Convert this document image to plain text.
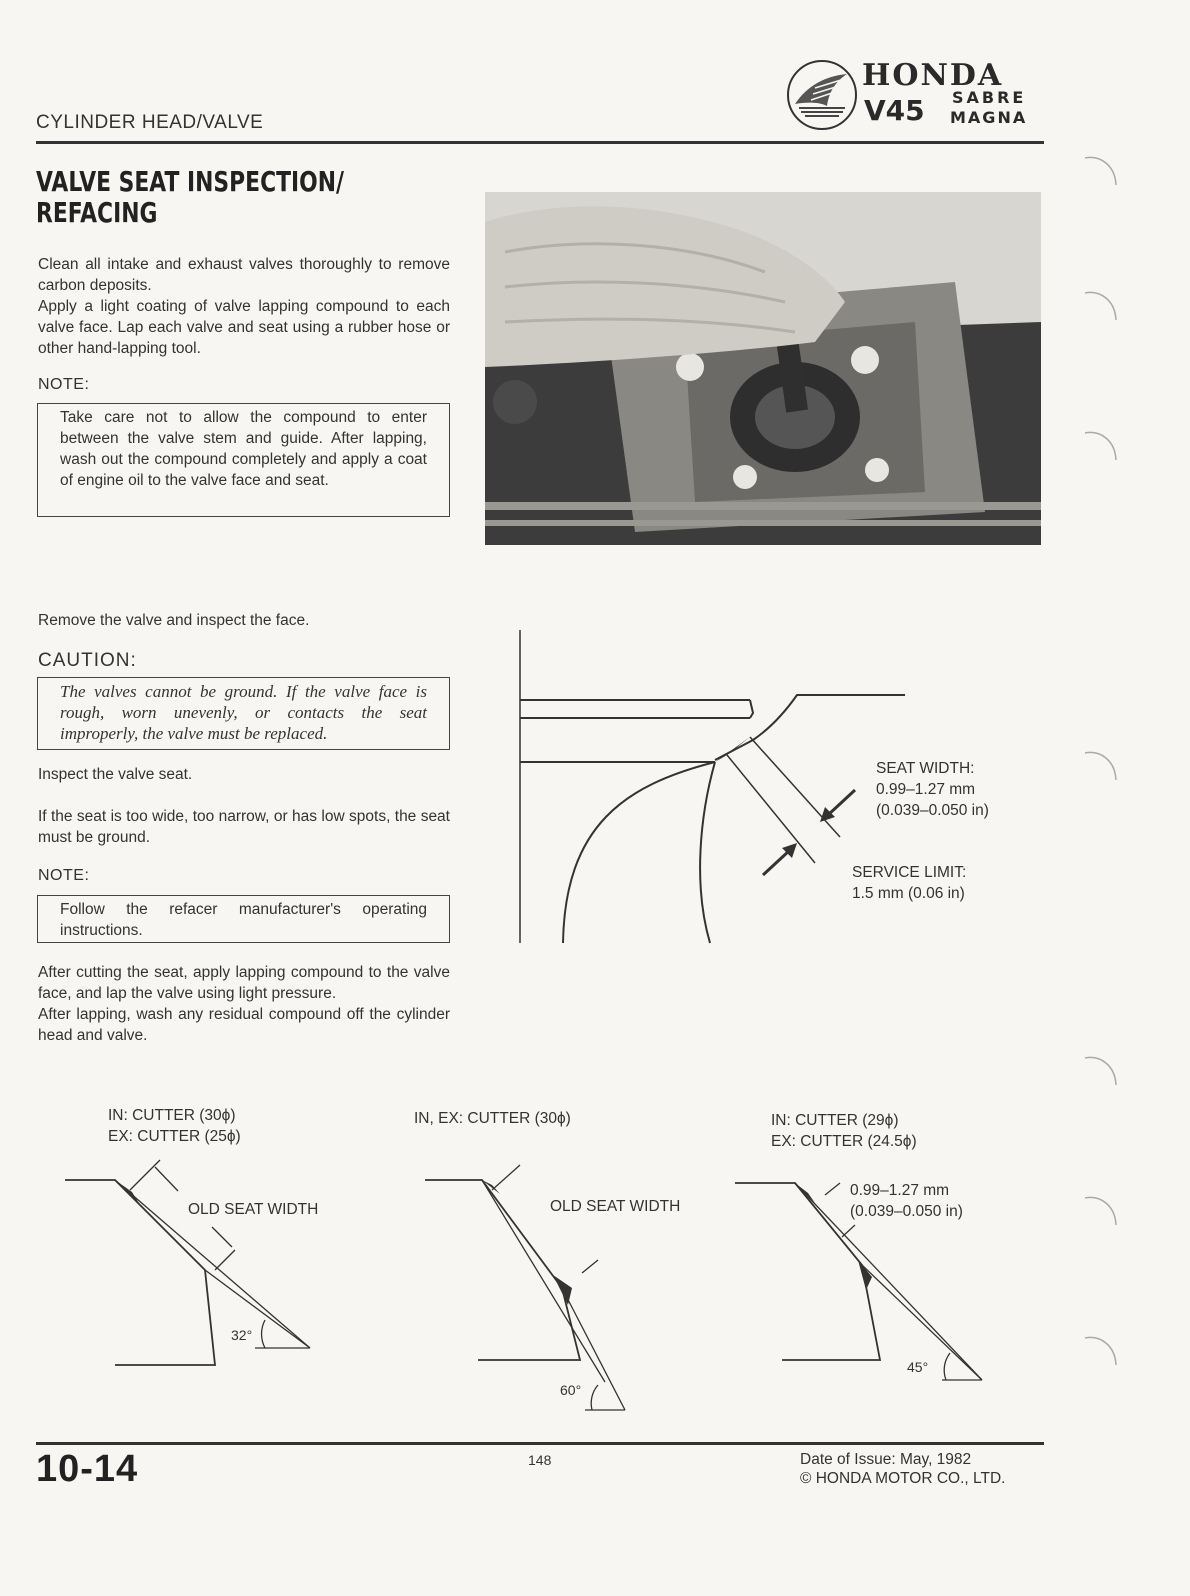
CYLINDER HEAD/VALVE
HONDA
V45 SABRE
MAGNA
VALVE SEAT INSPECTION/
REFACING
Clean all intake and exhaust valves thoroughly to remove carbon deposits.
Apply a light coating of valve lapping compound to each valve face. Lap each valve and seat using a rubber hose or other hand-lapping tool.
NOTE:
Take care not to allow the compound to enter between the valve stem and guide. After lapping, wash out the compound completely and apply a coat of engine oil to the valve face and seat.
Remove the valve and inspect the face.
CAUTION:
The valves cannot be ground. If the valve face is rough, worn unevenly, or contacts the seat improperly, the valve must be replaced.
Inspect the valve seat.
If the seat is too wide, too narrow, or has low spots, the seat must be ground.
NOTE:
Follow the refacer manufacturer's operating instructions.
After cutting the seat, apply lapping compound to the valve face, and lap the valve using light pressure.
After lapping, wash any residual compound off the cylinder head and valve.
SEAT WIDTH:
0.99–1.27 mm
(0.039–0.050 in)
SERVICE LIMIT:
1.5 mm (0.06 in)
IN: CUTTER (30ϕ)
EX: CUTTER (25ϕ)
IN, EX: CUTTER (30ϕ)	IN: CUTTER (29ϕ)
EX: CUTTER (24.5ϕ)
OLD SEAT WIDTH
32°
OLD SEAT WIDTH
60°
0.99–1.27 mm
(0.039–0.050 in)
45°
10-14	148	Date of Issue: May, 1982
© HONDA MOTOR CO., LTD.
